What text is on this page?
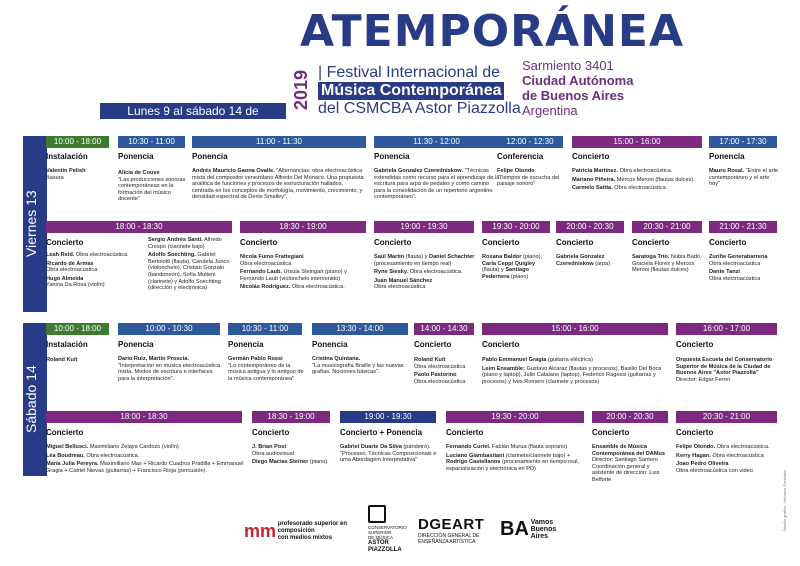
ATEMPORÁNEA
2019 | Festival Internacional de
Música Contemporánea
del CSMCBA Astor Piazzolla
Sarmiento 3401
Ciudad Autónoma
de Buenos Aires
Argentina
Lunes 9 al sábado 14 de septiembre
Viernes 13
Sábado 14
10:00 - 18:00
Instalación
Valentín Pelish
Basura
10:30 - 11:00
Ponencia
Alicia de Couve
"Las producciones sonoras contemporáneas en la formación del músico docente"
11:00 - 11:30
Ponencia
Andrés Mauricio Gaona Ovalle. "Alternancias: obra electroacústica mixta del compositor venezolano Alfredo Del Mónaco. Una propuesta analítica de funciones y procesos de estructuración hallados, centrada en los conceptos de morfología, movimiento, crecimiento, y densidad espectral de Denis Smalley".
11:30 - 12:00
Ponencia
Gabriela Gonzalez Czeredniskow. "Técnicas extendidas como recurso para el aprendizaje de la escritura para arpa de pedales y como camino para la consolidación de un repertorio argentino contemporáneo".
12:00 - 12:30
Conferencia
Felipe Otondo
"Tiempos de escucha del paisaje sonoro"
15:00 - 16:00
Concierto
Patricia Martínez. Obra electroacústica.
Mariano Piñeira. Mercos Meroni (flautas dulces).
Carmelo Saitta. Obra electroacústica.
17:00 - 17:30
Ponencia
Mauro Rosal. "Entre el arte contemporáneo y el arte hoy"
18:00 - 18:30
Concierto
Leah Reid. Obra electroacústica.
Ricardo de Armas
Obra electroacústica
Hugo Almeida
Yanina Da Rosa (violín)
Sergio Andrés Santi. Alfredo Crespo (clarinete bajo)
Adolfo Soechting. Gabriel Bertolotti (flauta), Candela Junco (violonchelo), Cristian Gonzalo (bandoneón), Sofía Molteni (clarinete) y Adolfo Soechting (dirección y electrónica)
18:30 - 19:00
Concierto
Nicola Fumo Frattegiani
Obra electroacústica
Fernando Laub. Ursula Steingart (piano) y Fernando Laub (violonchelo intervenido)
Nicolás Rodríguez. Obra electroacústica.
19:00 - 19:30
Concierto
Saúl Martín (flauta) y Daniel Schachter (procesamiento en tiempo real)
Ryne Siesky. Obra electroacústica.
Juan Manuel Sánchez
Obra electroacústica
19:30 - 20:00
Concierto
Roxana Baldor (piano),
Carla Ceppi Quigley (flauta) y Santiago Pedernera (piano)
20:00 - 20:30
Concierto
Gabriela Gonzalez Czeredniskow (arpa)
20:30 - 21:00
Concierto
Saratoga Trío. Nubia Bado, Graciela Flores y Mercos Meroni (flautas dulces)
21:00 - 21:30
Concierto
Zuriñe Generabarrena
Obra electroacústica
Dante Tanzi
Obra electroacústica
10:00 - 18:00
Instalación
Roland Kuit
10:00 - 10:30
Ponencia
Darío Ruiz, Martín Proscia.
"Interpretación en música electroacústica mixta. Modos de escritura e interfaces para la interpretación".
10:30 - 11:00
Ponencia
Germán Pablo Rossi
"Lo contemporáneo de la música antigua y lo antiguo de la música contemporánea"
13:30 - 14:00
Ponencia
Cristina Quintana.
"La musicografía Braille y las nuevas grafías. Nociones básicas".
14:00 - 14:30
Concierto
Roland Kuit
Obra electroacústica
Paolo Pastorino
Obra electroacústica
15:00 - 16:00
Concierto
Pablo Emmanuel Gragia (guitarra eléctrica)
Leim Ensamble: Gustavo Alcaraz (flautas y procesos), Basilio Del Boca (piano y laptop), Julio Catalano (laptop), Federico Ragessi (guitarras y procesos) y Ives Romero (clarinete y procesos)
16:00 - 17:00
Concierto
Orquesta Escuela del Conservatorio Superior de Música de la Ciudad de Buenos Aires "Astor Piazzolla"
Director: Edgar Ferrer
18:00 - 18:30
Concierto
Miguel Bellusci. Maximiliano Zelaya Cardozo (violín)
Léa Boudreau. Obra electroacústica.
María Julia Pereyra. Maximiliano Mas + Ricardo Cuadros Pradilla + Emmanuel Gragia + Catriel Nievas (guitarras) + Francisco Rioja (percusión).
18:30 - 19:00
Concierto
J. Brian Post
Obra audiovisual
Diego Macías Steiner (piano)
19:00 - 19:30
Concierto + Ponencia
Gabriel Duarte Da Silva (pandeiro).
"Processo, Técnicas Composicionais e uma Abordagem Interpretativa"
19:30 - 20:00
Concierto
Fernando Curiel. Fabián Murua (flauta soprano)
Luciano Giambastiani (clarinete/clarinete bajo) + Rodrigo Castellanos (procesamiento en tiempo real, espacialización y electrónica en PD)
20:00 - 20:30
Concierto
Ensamble de Música Contemporánea del DAMus
Director: Santiago Santero
Coordinación general y asistente de dirección: Luis Belforte
20:30 - 21:00
Concierto
Felipe Otondo. Obra electroacústica.
Kerry Hagan. Obra electroacústica
Joao Pedro Oliveira
Obra electroacústica con video
mm profesorado superior en
composición
con medios mixtos
CONSERVATORIO
SUPERIOR
DE MÚSICA
ASTOR
PIAZZOLLA
DGEART
DIRECCIÓN GENERAL DE
ENSEÑANZA ARTÍSTICA
BA Vamos
Buenos
Aires
Diseño gráfico: Verónica González
